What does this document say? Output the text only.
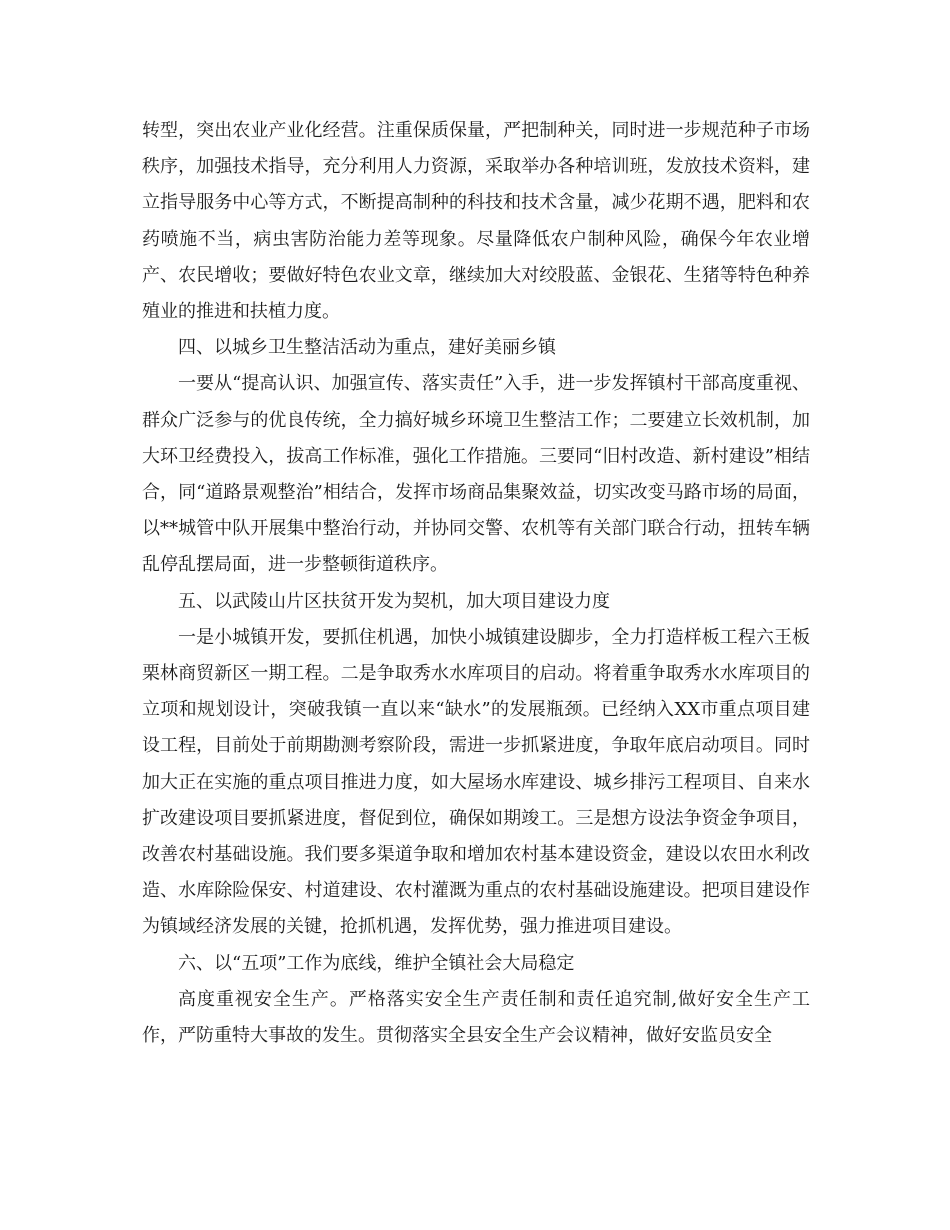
转型，突出农业产业化经营。注重保质保量，严把制种关，同时进一步规范种子市场秩序，加强技术指导，充分利用人力资源，采取举办各种培训班，发放技术资料，建立指导服务中心等方式，不断提高制种的科技和技术含量，减少花期不遇，肥料和农药喷施不当，病虫害防治能力差等现象。尽量降低农户制种风险，确保今年农业增产、农民增收；要做好特色农业文章，继续加大对绞股蓝、金银花、生猪等特色种养殖业的推进和扶植力度。

四、以城乡卫生整洁活动为重点，建好美丽乡镇

一要从“提高认识、加强宣传、落实责任”入手，进一步发挥镇村干部高度重视、群众广泛参与的优良传统，全力搞好城乡环境卫生整洁工作；二要建立长效机制，加大环卫经费投入，拔高工作标准，强化工作措施。三要同“旧村改造、新村建设”相结合，同“道路景观整治”相结合，发挥市场商品集聚效益，切实改变马路市场的局面，以**城管中队开展集中整治行动，并协同交警、农机等有关部门联合行动，扭转车辆乱停乱摆局面，进一步整顿街道秩序。

五、以武陵山片区扶贫开发为契机，加大项目建设力度

一是小城镇开发，要抓住机遇，加快小城镇建设脚步，全力打造样板工程六王板栗林商贸新区一期工程。二是争取秀水水库项目的启动。将着重争取秀水水库项目的立项和规划设计，突破我镇一直以来“缺水”的发展瓶颈。已经纳入XX市重点项目建设工程，目前处于前期勘测考察阶段，需进一步抓紧进度，争取年底启动项目。同时加大正在实施的重点项目推进力度，如大屋场水库建设、城乡排污工程项目、自来水扩改建设项目要抓紧进度，督促到位，确保如期竣工。三是想方设法争资金争项目，改善农村基础设施。我们要多渠道争取和增加农村基本建设资金，建设以农田水利改造、水库除险保安、村道建设、农村灌溉为重点的农村基础设施建设。把项目建设作为镇域经济发展的关键，抢抓机遇，发挥优势，强力推进项目建设。

六、以“五项”工作为底线，维护全镇社会大局稳定

高度重视安全生产。严格落实安全生产责任制和责任追究制,做好安全生产工作，严防重特大事故的发生。贯彻落实全县安全生产会议精神，做好安监员安全
